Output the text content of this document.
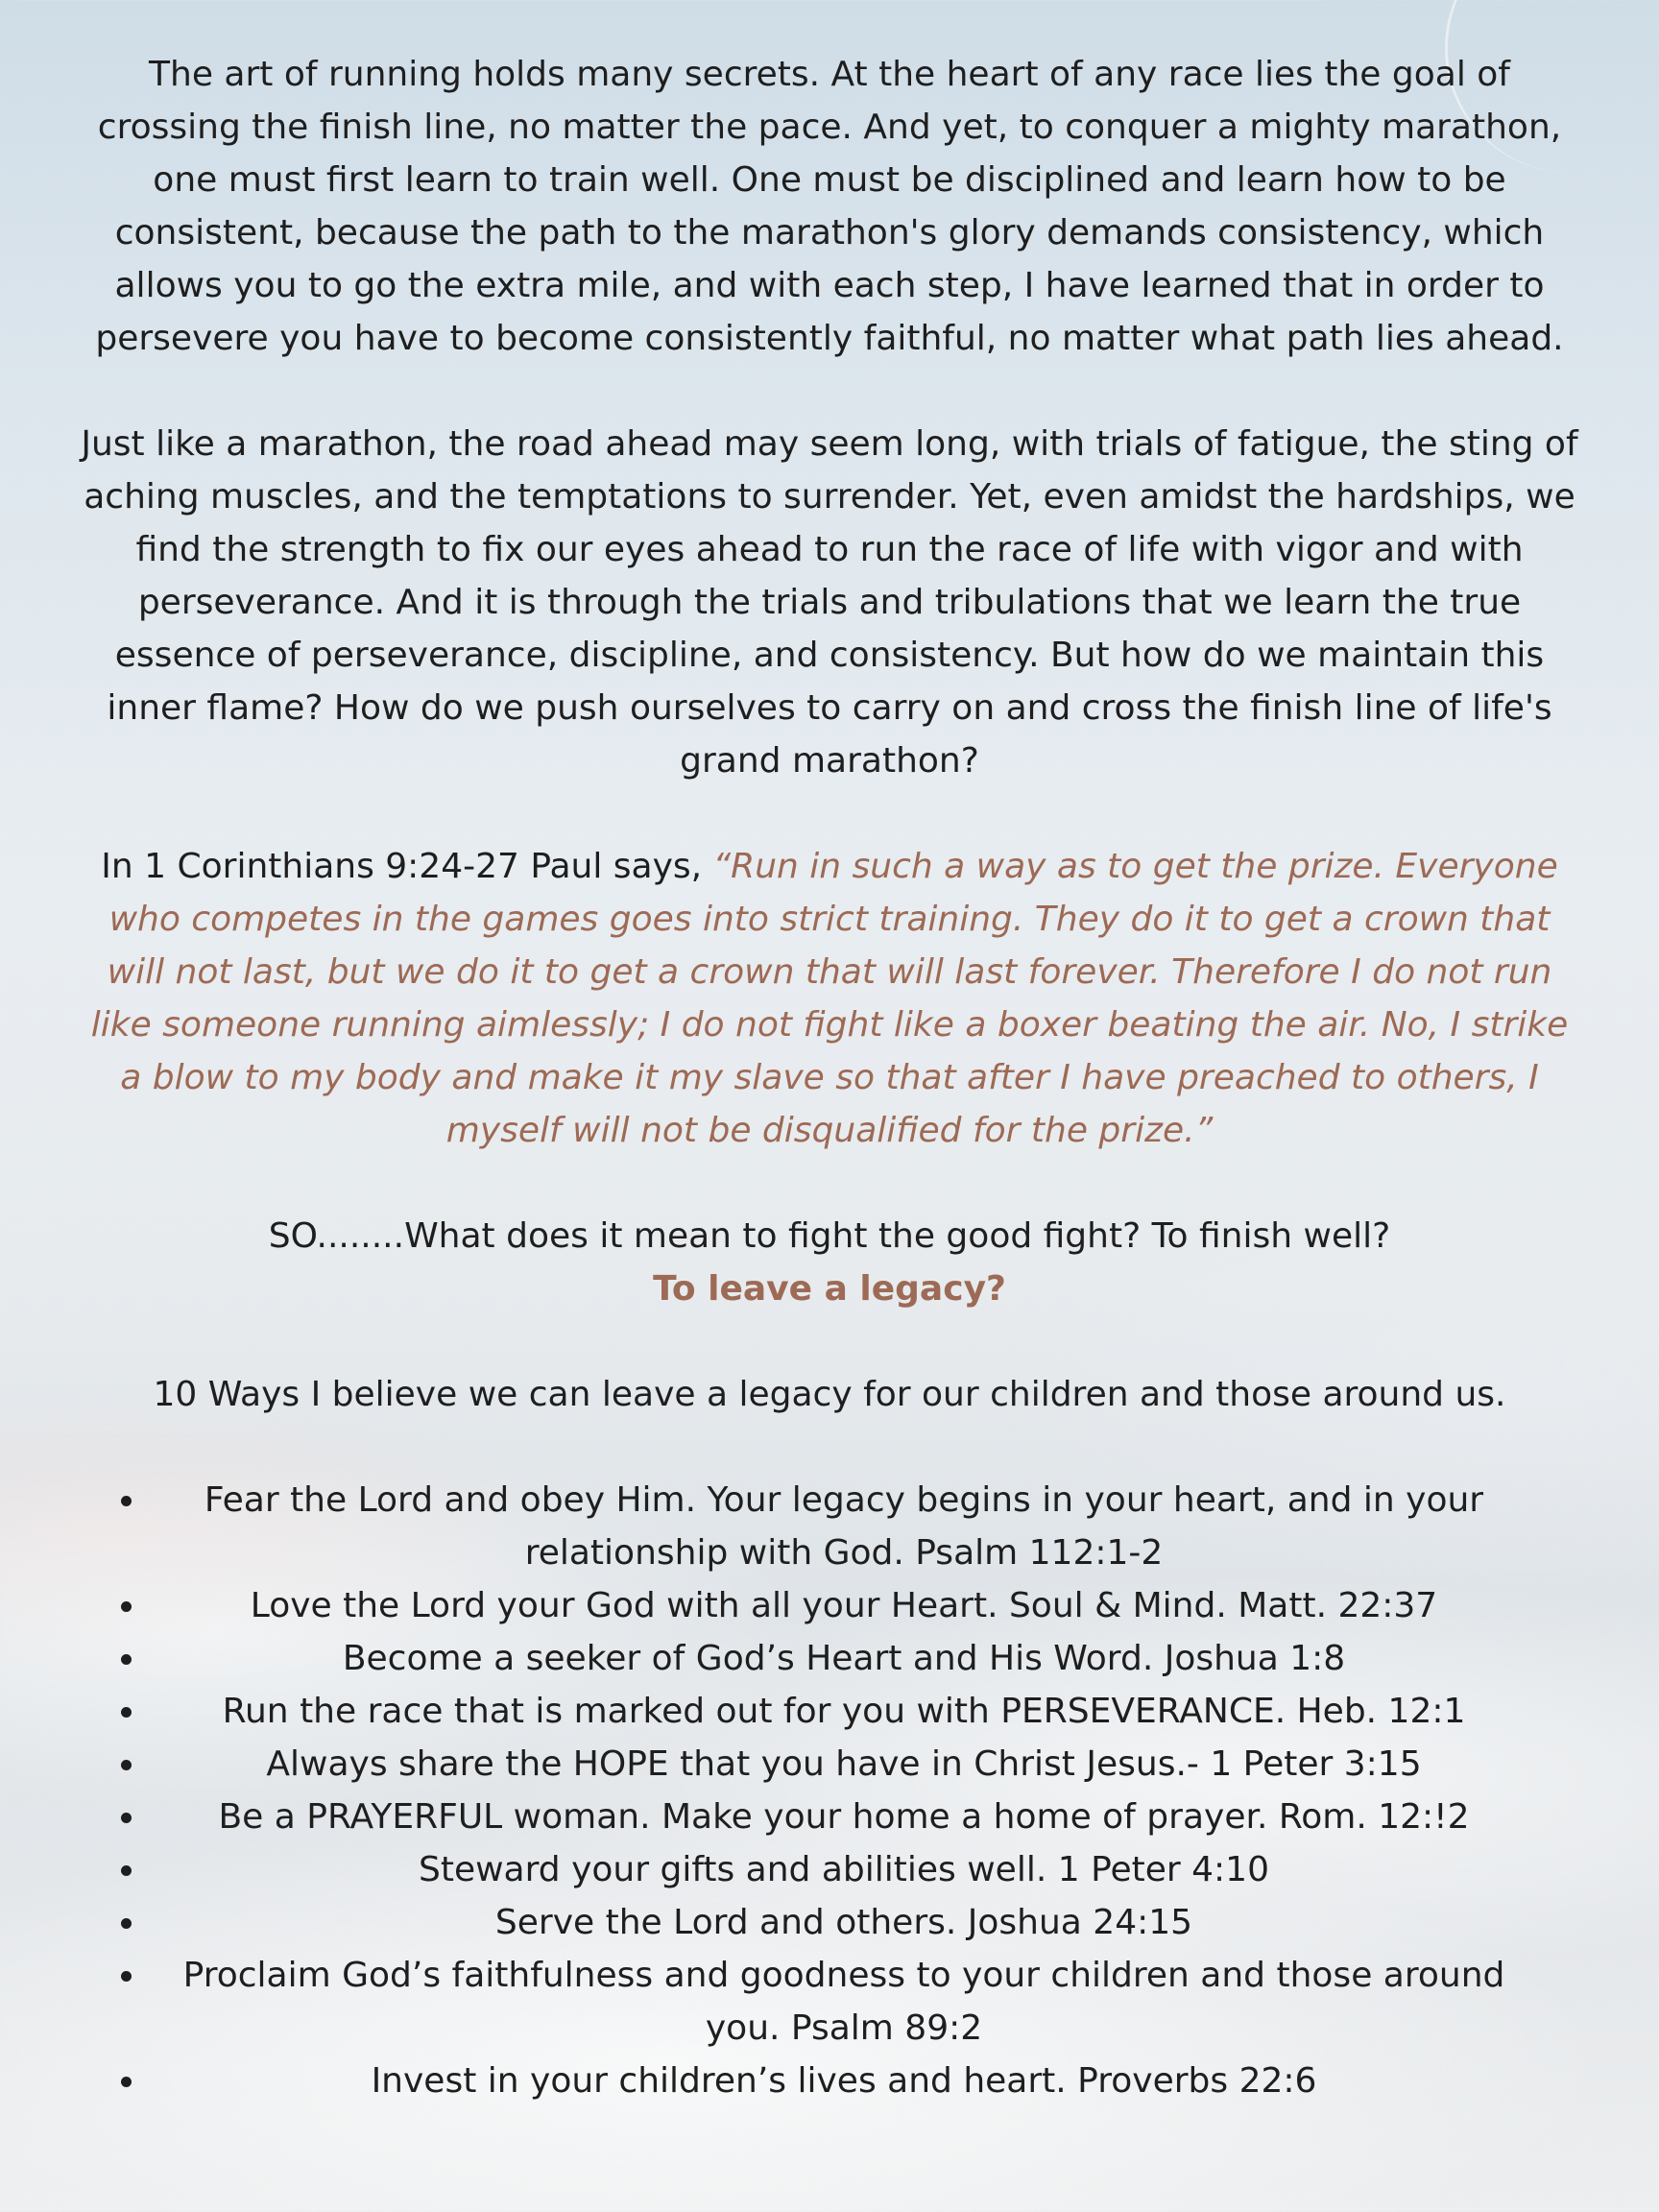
The art of running holds many secrets. At the heart of any race lies the goal of crossing the finish line, no matter the pace. And yet, to conquer a mighty marathon, one must first learn to train well. One must be disciplined and learn how to be consistent, because the path to the marathon's glory demands consistency, which allows you to go the extra mile, and with each step, I have learned that in order to persevere you have to become consistently faithful, no matter what path lies ahead.

Just like a marathon, the road ahead may seem long, with trials of fatigue, the sting of aching muscles, and the temptations to surrender. Yet, even amidst the hardships, we find the strength to fix our eyes ahead to run the race of life with vigor and with perseverance. And it is through the trials and tribulations that we learn the true essence of perseverance, discipline, and consistency. But how do we maintain this inner flame? How do we push ourselves to carry on and cross the finish line of life's grand marathon?

In 1 Corinthians 9:24-27 Paul says, “Run in such a way as to get the prize. Everyone who competes in the games goes into strict training. They do it to get a crown that will not last, but we do it to get a crown that will last forever. Therefore I do not run like someone running aimlessly; I do not fight like a boxer beating the air. No, I strike a blow to my body and make it my slave so that after I have preached to others, I myself will not be disqualified for the prize.”

SO........What does it mean to fight the good fight? To finish well?
To leave a legacy?

10 Ways I believe we can leave a legacy for our children and those around us.

Fear the Lord and obey Him. Your legacy begins in your heart, and in your relationship with God. Psalm 112:1-2
Love the Lord your God with all your Heart. Soul & Mind. Matt. 22:37
Become a seeker of God’s Heart and His Word. Joshua 1:8
Run the race that is marked out for you with PERSEVERANCE. Heb. 12:1
Always share the HOPE that you have in Christ Jesus.- 1 Peter 3:15
Be a PRAYERFUL woman. Make your home a home of prayer. Rom. 12:!2
Steward your gifts and abilities well. 1 Peter 4:10
Serve the Lord and others. Joshua 24:15
Proclaim God’s faithfulness and goodness to your children and those around you. Psalm 89:2
Invest in your children’s lives and heart. Proverbs 22:6
